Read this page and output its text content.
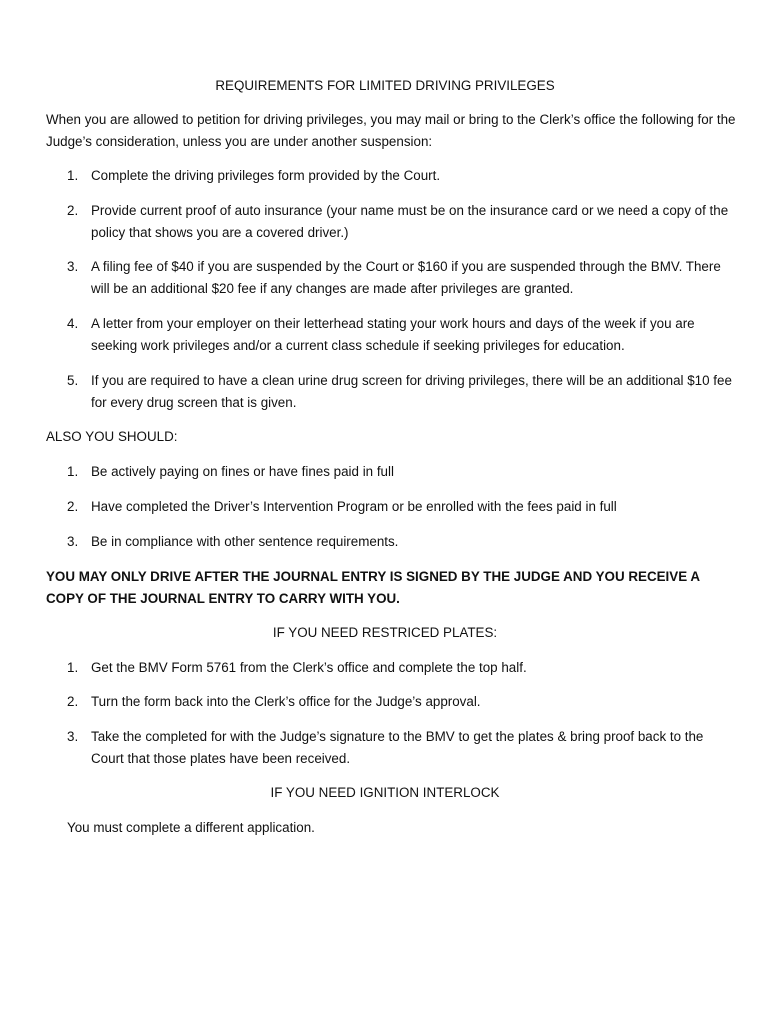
REQUIREMENTS FOR LIMITED DRIVING PRIVILEGES
When you are allowed to petition for driving privileges, you may mail or bring to the Clerk’s office the following for the Judge’s consideration, unless you are under another suspension:
1. Complete the driving privileges form provided by the Court.
2. Provide current proof of auto insurance (your name must be on the insurance card or we need a copy of the policy that shows you are a covered driver.)
3. A filing fee of $40 if you are suspended by the Court or $160 if you are suspended through the BMV. There will be an additional $20 fee if any changes are made after privileges are granted.
4. A letter from your employer on their letterhead stating your work hours and days of the week if you are seeking work privileges and/or a current class schedule if seeking privileges for education.
5. If you are required to have a clean urine drug screen for driving privileges, there will be an additional $10 fee for every drug screen that is given.
ALSO YOU SHOULD:
1. Be actively paying on fines or have fines paid in full
2. Have completed the Driver’s Intervention Program or be enrolled with the fees paid in full
3. Be in compliance with other sentence requirements.
YOU MAY ONLY DRIVE AFTER THE JOURNAL ENTRY IS SIGNED BY THE JUDGE AND YOU RECEIVE A COPY OF THE JOURNAL ENTRY TO CARRY WITH YOU.
IF YOU NEED RESTRICED PLATES:
1. Get the BMV Form 5761 from the Clerk’s office and complete the top half.
2. Turn the form back into the Clerk’s office for the Judge’s approval.
3. Take the completed for with the Judge’s signature to the BMV to get the plates & bring proof back to the Court that those plates have been received.
IF YOU NEED IGNITION INTERLOCK
You must complete a different application.
